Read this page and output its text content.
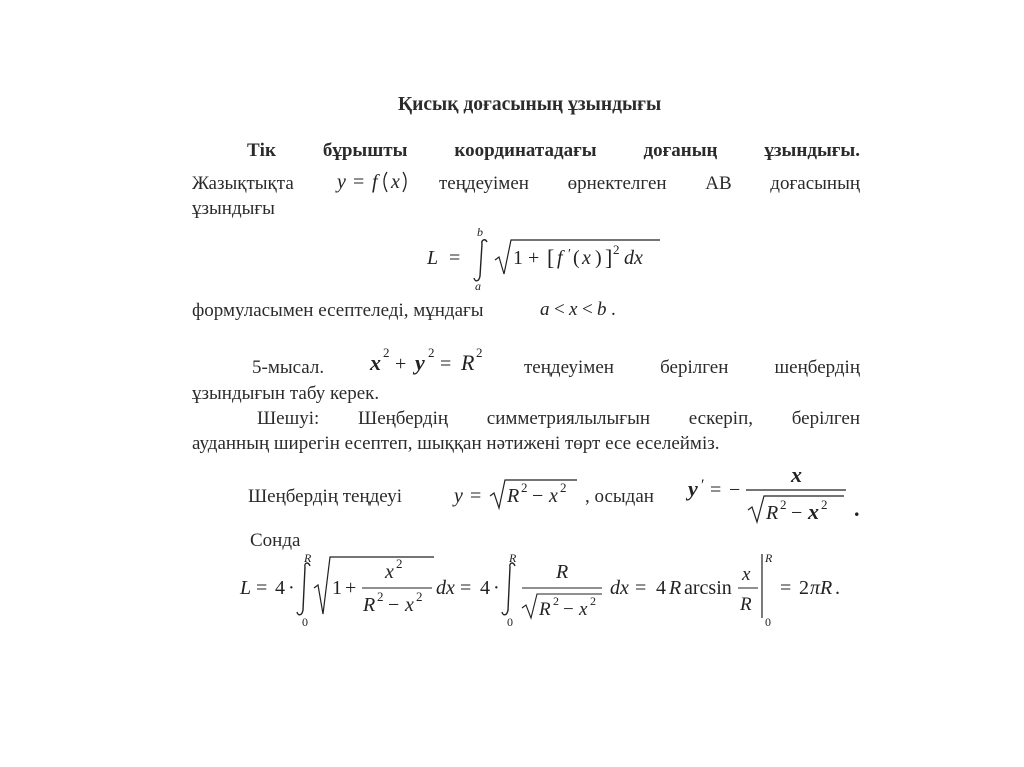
Қисық доғасының ұзындығы
Тік бұрышты координатадағы доғаның ұзындығы.
Жазықтықта y = f x теңдеуімен өрнектелген АВ доғасының
ұзындығы
L =
b
a
1 + [ f ′ ( x ) ] 2 dx
формуласымен есептеледі, мұндағы	a < x < b .
5-мысал. x 2
+ y 2
= R 2
теңдеуімен берілген шеңбердің
ұзындығын табу керек.
Шешуі: Шеңбердің симметриялылығын ескеріп, берілген
ауданның ширегін есептеп, шыққан нәтижені төрт есе еселейміз.
Шеңбердің теңдеуі	y = R 2 − x 2 , осыдан y ′ = −
x
R 2 − x 2 .
Сонда
L = 4 ·
R
0
1 +
x 2
R 2 − x 2 dx = 4 ·
R
0
R
R 2 − x 2
dx = 4 R arcsin
x
R
R
0
= 2 πR .
